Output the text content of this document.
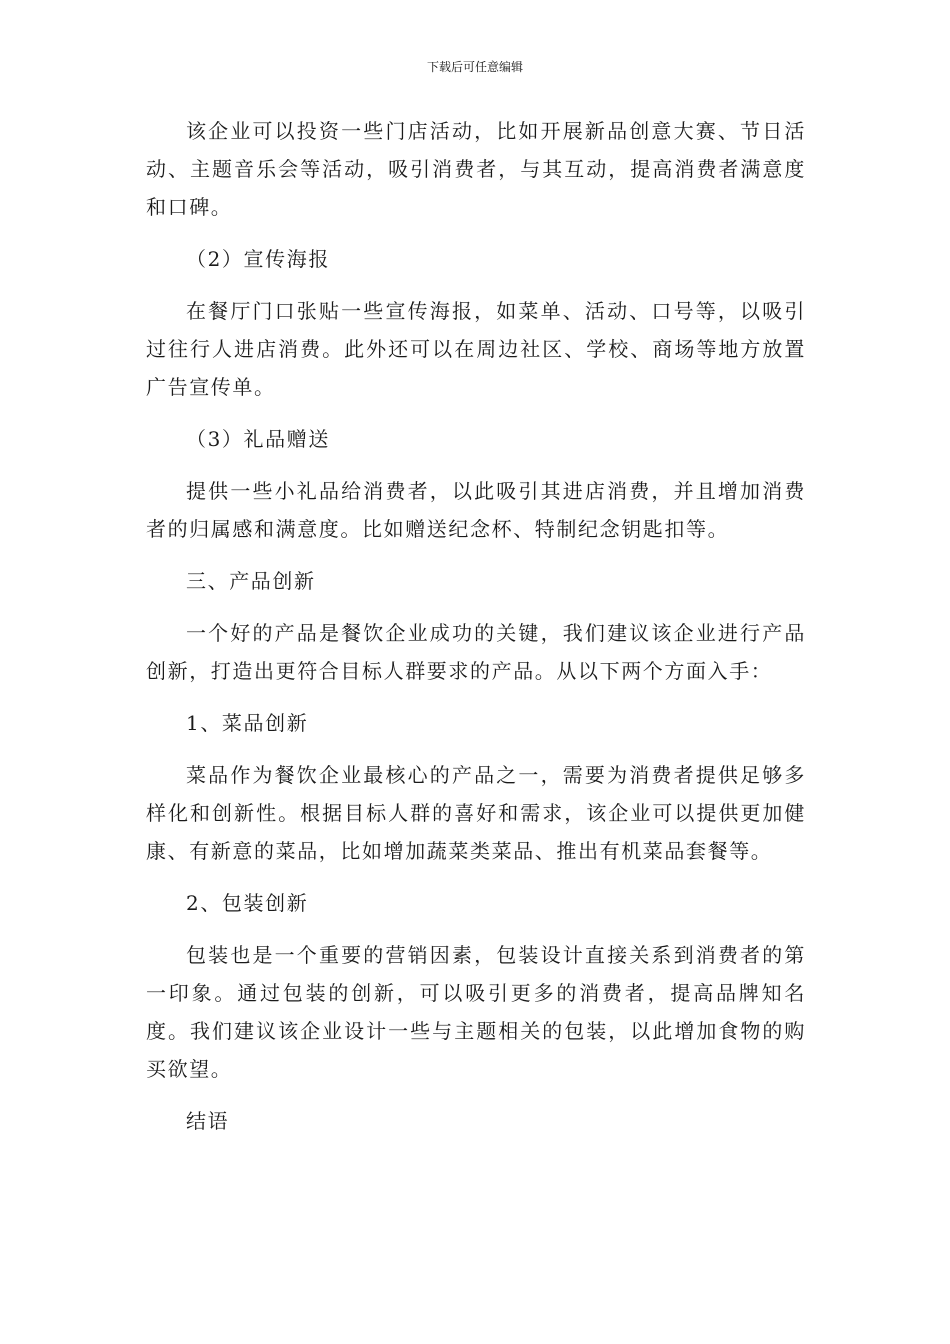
下载后可任意编辑

该企业可以投资一些门店活动，比如开展新品创意大赛、节日活动、主题音乐会等活动，吸引消费者，与其互动，提高消费者满意度和口碑。

（2）宣传海报

在餐厅门口张贴一些宣传海报，如菜单、活动、口号等，以吸引过往行人进店消费。此外还可以在周边社区、学校、商场等地方放置广告宣传单。

（3）礼品赠送

提供一些小礼品给消费者，以此吸引其进店消费，并且增加消费者的归属感和满意度。比如赠送纪念杯、特制纪念钥匙扣等。

三、产品创新

一个好的产品是餐饮企业成功的关键，我们建议该企业进行产品创新，打造出更符合目标人群要求的产品。从以下两个方面入手：

1、菜品创新

菜品作为餐饮企业最核心的产品之一，需要为消费者提供足够多样化和创新性。根据目标人群的喜好和需求，该企业可以提供更加健康、有新意的菜品，比如增加蔬菜类菜品、推出有机菜品套餐等。

2、包装创新

包装也是一个重要的营销因素，包装设计直接关系到消费者的第一印象。通过包装的创新，可以吸引更多的消费者，提高品牌知名度。我们建议该企业设计一些与主题相关的包装，以此增加食物的购买欲望。

结语
